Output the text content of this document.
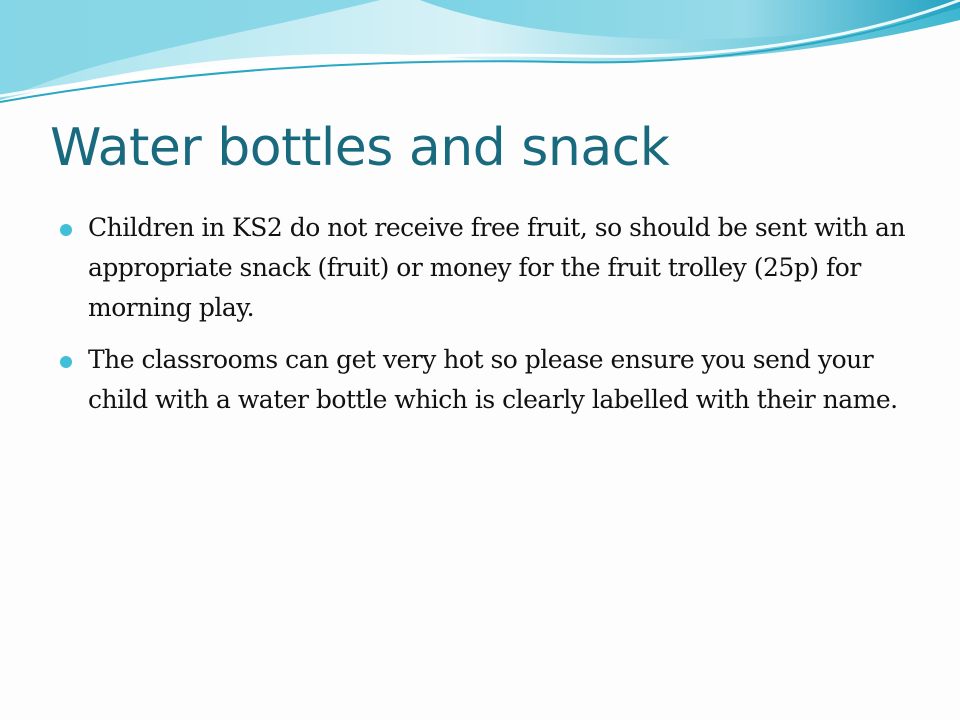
Water bottles and snack
Children in KS2 do not receive free fruit, so should be sent with an appropriate snack (fruit) or money for the fruit trolley (25p) for morning play.
The classrooms can get very hot so please ensure you send your child with a water bottle which is clearly labelled with their name.
